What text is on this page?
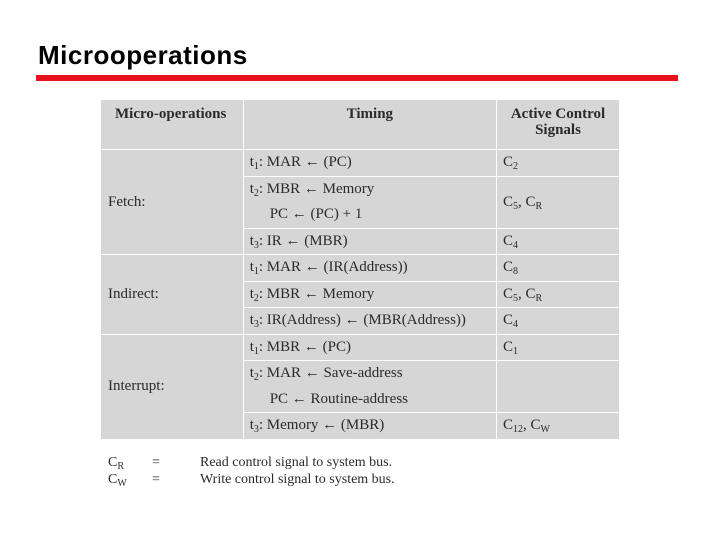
Microoperations
Micro-operations	Timing	Active Control Signals
Fetch:	$t_1$: MAR ← (PC)	$C_2$
	$t_2$: MBR ← Memory	$C_5$, $C_R$
	PC ← (PC) + 1	
	$t_3$: IR ← (MBR)	$C_4$
Indirect:	$t_1$: MAR ← (IR(Address))	$C_8$
	$t_2$: MBR ← Memory	$C_5$, $C_R$
	$t_3$: IR(Address) ← (MBR(Address))	$C_4$
Interrupt:	$t_1$: MBR ← (PC)	$C_1$
	$t_2$: MAR ← Save-address	
	PC ← Routine-address	
	$t_3$: Memory ← (MBR)	$C_{12}$, $C_W$
$C_R$ =	Read control signal to system bus.
$C_W$ =	Write control signal to system bus.
